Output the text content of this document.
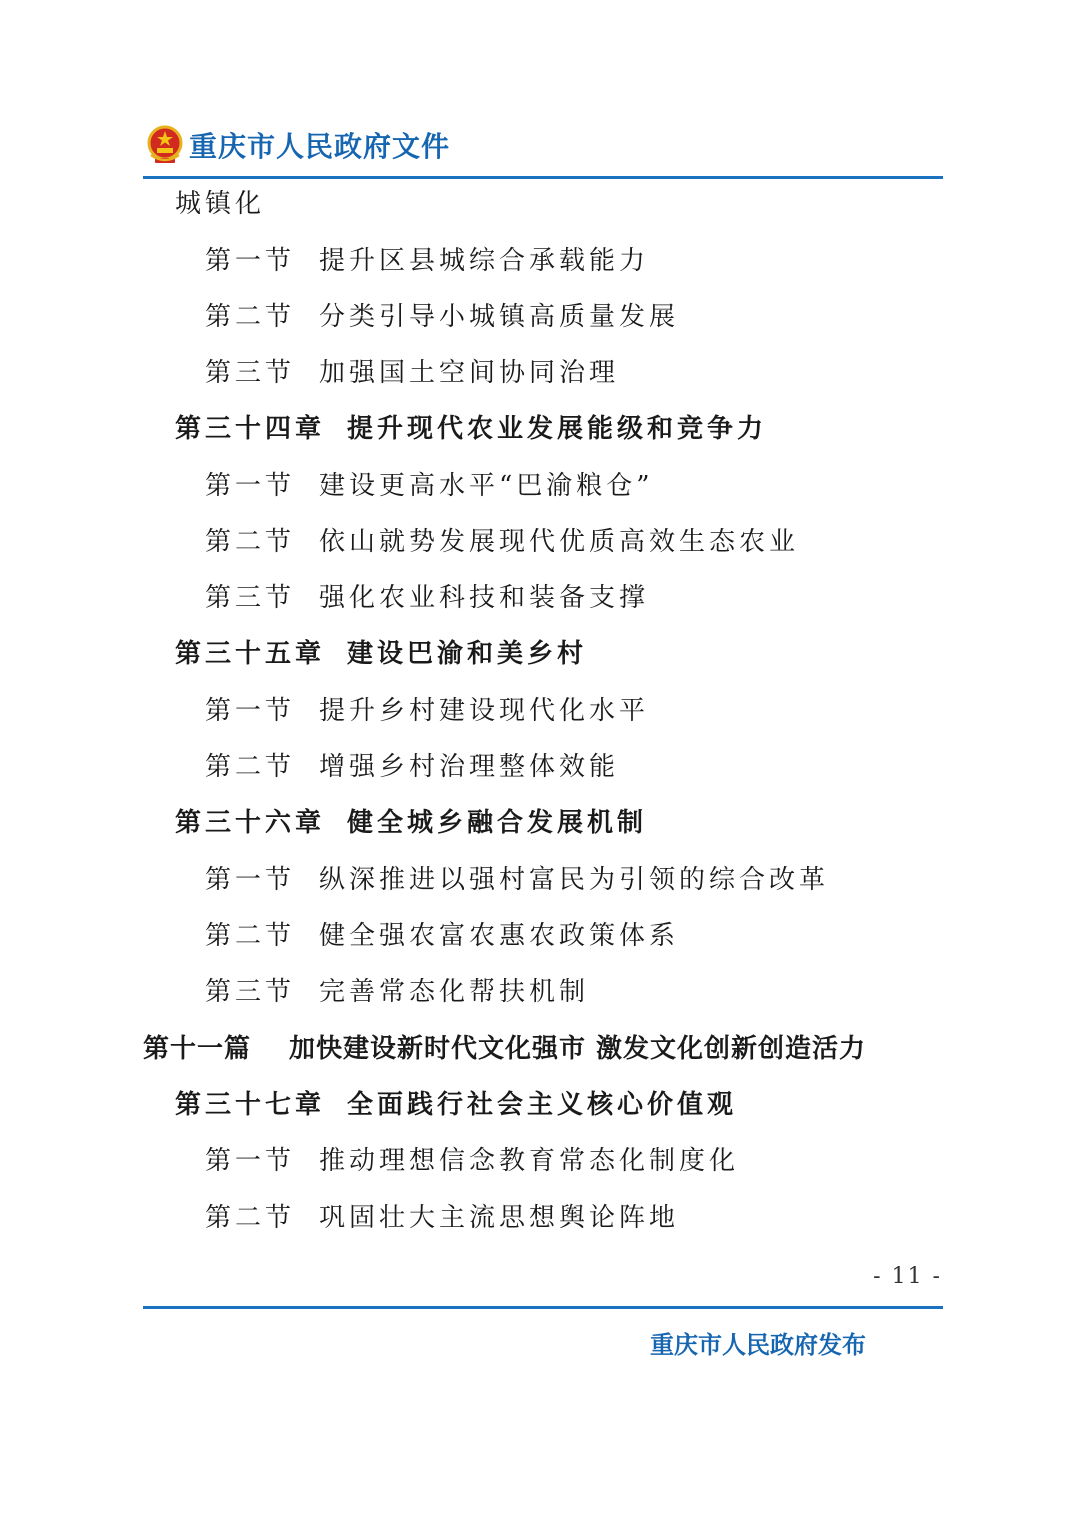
重庆市人民政府文件
城镇化
第一节 提升区县城综合承载能力
第二节 分类引导小城镇高质量发展
第三节 加强国土空间协同治理
第三十四章 提升现代农业发展能级和竞争力
第一节 建设更高水平“巴渝粮仓”
第二节 依山就势发展现代优质高效生态农业
第三节 强化农业科技和装备支撑
第三十五章 建设巴渝和美乡村
第一节 提升乡村建设现代化水平
第二节 增强乡村治理整体效能
第三十六章 健全城乡融合发展机制
第一节 纵深推进以强村富民为引领的综合改革
第二节 健全强农富农惠农政策体系
第三节 完善常态化帮扶机制
第十一篇	加快建设新时代文化强市 激发文化创新创造活力
第三十七章 全面践行社会主义核心价值观
第一节 推动理想信念教育常态化制度化
第二节 巩固壮大主流思想舆论阵地
- 11 -
重庆市人民政府发布
